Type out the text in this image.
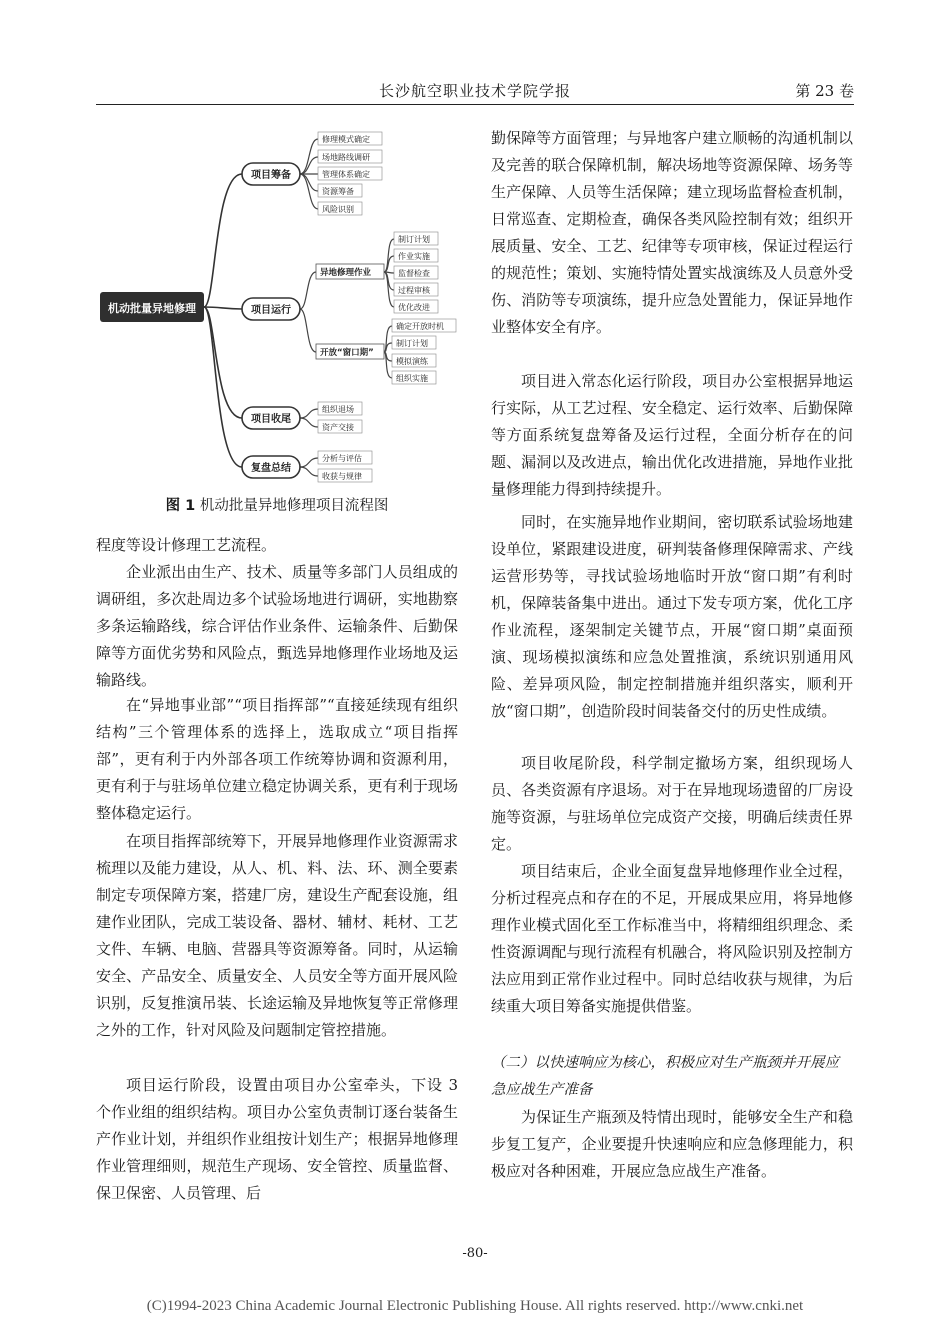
长沙航空职业技术学院学报	第 23 卷
机动批量异地修理
项目筹备
项目运行
项目收尾
复盘总结
修理模式确定
场地路线调研
管理体系确定
资源筹备
风险识别
异地修理作业
开放“窗口期”
制订计划
作业实施
监督检查
过程审核
优化改进
确定开放时机
制订计划
模拟演练
组织实施
组织退场
资产交接
分析与评估
收获与规律
图 1 机动批量异地修理项目流程图

程度等设计修理工艺流程。

企业派出由生产、技术、质量等多部门人员组成的调研组，多次赴周边多个试验场地进行调研，实地勘察多条运输路线，综合评估作业条件、运输条件、后勤保障等方面优劣势和风险点，甄选异地修理作业场地及运输路线。

在“异地事业部”“项目指挥部”“直接延续现有组织结构”三个管理体系的选择上，选取成立“项目指挥部”，更有利于内外部各项工作统筹协调和资源利用，更有利于与驻场单位建立稳定协调关系，更有利于现场整体稳定运行。

在项目指挥部统筹下，开展异地修理作业资源需求梳理以及能力建设，从人、机、料、法、环、测全要素制定专项保障方案，搭建厂房，建设生产配套设施，组建作业团队，完成工装设备、器材、辅材、耗材、工艺文件、车辆、电脑、营器具等资源筹备。同时，从运输安全、产品安全、质量安全、人员安全等方面开展风险识别，反复推演吊装、长途运输及异地恢复等正常修理之外的工作，针对风险及问题制定管控措施。

项目运行阶段，设置由项目办公室牵头，下设 3 个作业组的组织结构。项目办公室负责制订逐台装备生产作业计划，并组织作业组按计划生产；根据异地修理作业管理细则，规范生产现场、安全管控、质量监督、保卫保密、人员管理、后

勤保障等方面管理；与异地客户建立顺畅的沟通机制以及完善的联合保障机制，解决场地等资源保障、场务等生产保障、人员等生活保障；建立现场监督检查机制，日常巡查、定期检查，确保各类风险控制有效；组织开展质量、安全、工艺、纪律等专项审核，保证过程运行的规范性；策划、实施特情处置实战演练及人员意外受伤、消防等专项演练，提升应急处置能力，保证异地作业整体安全有序。

项目进入常态化运行阶段，项目办公室根据异地运行实际，从工艺过程、安全稳定、运行效率、后勤保障等方面系统复盘筹备及运行过程，全面分析存在的问题、漏洞以及改进点，输出优化改进措施，异地作业批量修理能力得到持续提升。

同时，在实施异地作业期间，密切联系试验场地建设单位，紧跟建设进度，研判装备修理保障需求、产线运营形势等，寻找试验场地临时开放“窗口期”有利时机，保障装备集中进出。通过下发专项方案，优化工序作业流程，逐架制定关键节点，开展“窗口期”桌面预演、现场模拟演练和应急处置推演，系统识别通用风险、差异项风险，制定控制措施并组织落实，顺利开放“窗口期”，创造阶段时间装备交付的历史性成绩。

项目收尾阶段，科学制定撤场方案，组织现场人员、各类资源有序退场。对于在异地现场遗留的厂房设施等资源，与驻场单位完成资产交接，明确后续责任界定。

项目结束后，企业全面复盘异地修理作业全过程，分析过程亮点和存在的不足，开展成果应用，将异地修理作业模式固化至工作标准当中，将精细组织理念、柔性资源调配与现行流程有机融合，将风险识别及控制方法应用到正常作业过程中。同时总结收获与规律，为后续重大项目筹备实施提供借鉴。

（二）以快速响应为核心，积极应对生产瓶颈并开展应急应战生产准备

为保证生产瓶颈及特情出现时，能够安全生产和稳步复工复产，企业要提升快速响应和应急修理能力，积极应对各种困难，开展应急应战生产准备。

-80-
(C)1994-2023 China Academic Journal Electronic Publishing House. All rights reserved. http://www.cnki.net
